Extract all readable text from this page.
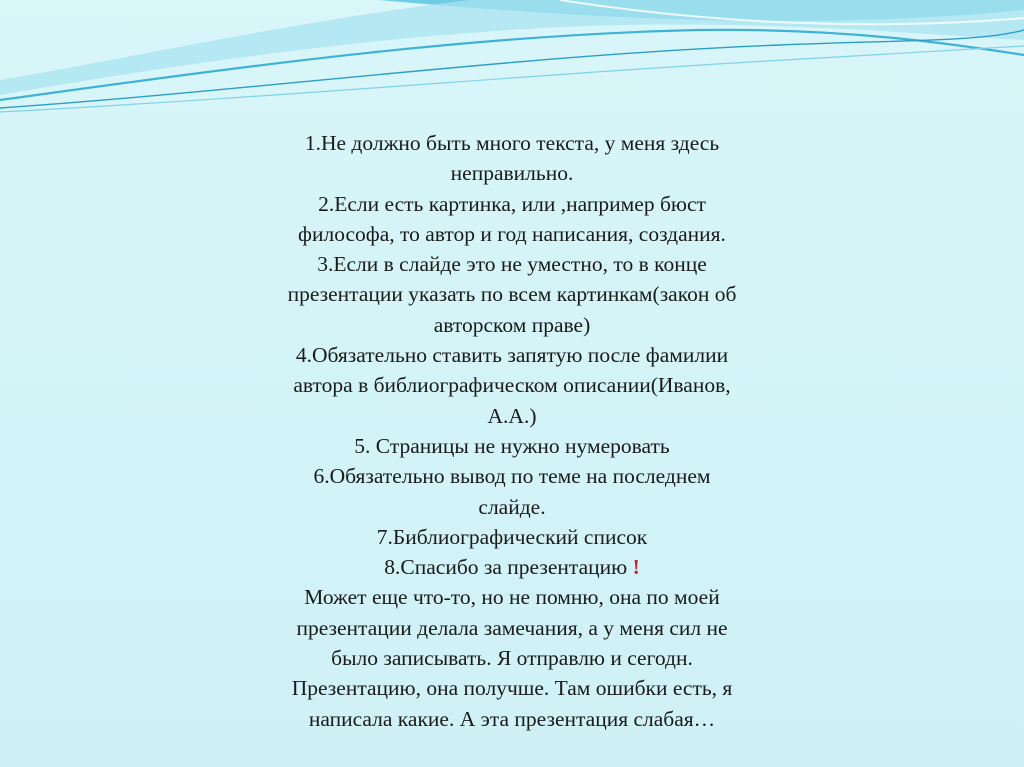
1.Не должно быть много текста, у меня здесь
неправильно.
2.Если есть картинка, или ,например бюст
философа, то автор и год написания, создания.
3.Если в слайде это не уместно, то в конце
презентации указать по всем картинкам(закон об
авторском праве)
4.Обязательно ставить запятую после фамилии
автора в библиографическом описании(Иванов,
А.А.)
5. Страницы не нужно нумеровать
6.Обязательно вывод по теме на последнем
слайде.
7.Библиографический список
8.Спасибо за презентацию !
Может еще что-то, но не помню, она по моей
презентации делала замечания, а у меня сил не
было записывать. Я отправлю и сегодн.
Презентацию, она получше. Там ошибки есть, я
написала какие. А эта презентация слабая…
